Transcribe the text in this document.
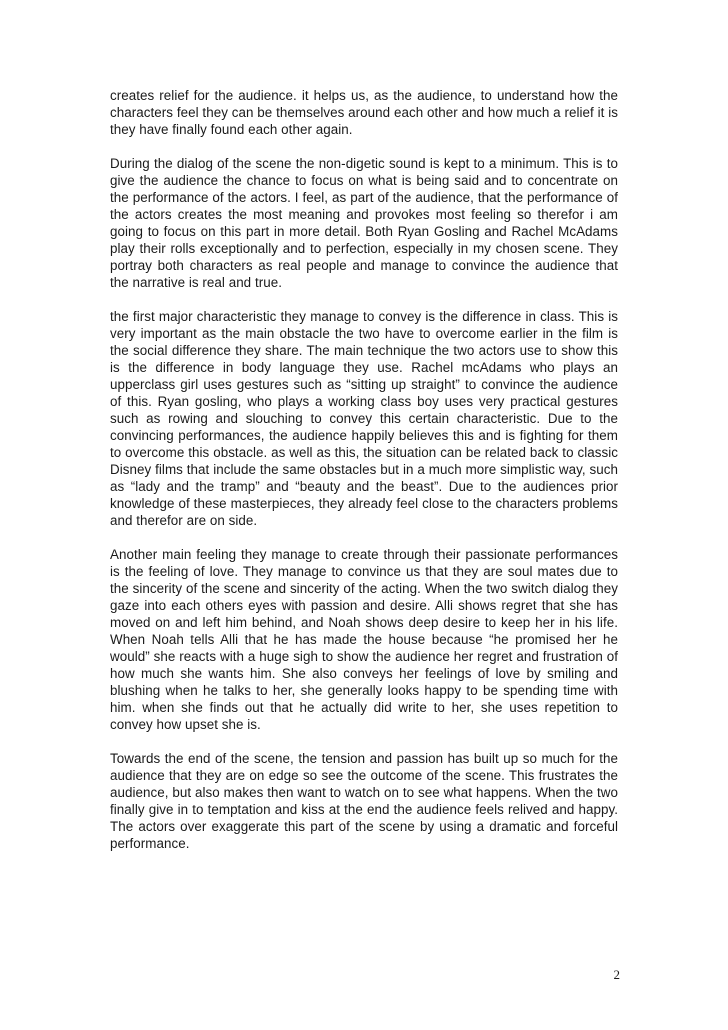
creates relief for the audience. it helps us, as the audience, to understand how the characters feel they can be themselves around each other and how much a relief it is they have finally found each other again.

During the dialog of the scene the non-digetic sound is kept to a minimum. This is to give the audience the chance to focus on what is being said and to concentrate on the performance of the actors. I feel, as part of the audience, that the performance of the actors creates the most meaning and provokes most feeling so therefor i am going to focus on this part in more detail. Both Ryan Gosling and Rachel McAdams play their rolls exceptionally and to perfection, especially in my chosen scene. They portray both characters as real people and manage to convince the audience that the narrative is real and true.

the first major characteristic they manage to convey is the difference in class. This is very important as the main obstacle the two have to overcome earlier in the film is the social difference they share. The main technique the two actors use to show this is the difference in body language they use. Rachel mcAdams who plays an upperclass girl uses gestures such as “sitting up straight” to convince the audience of this. Ryan gosling, who plays a working class boy uses very practical gestures such as rowing and slouching to convey this certain characteristic. Due to the convincing performances, the audience happily believes this and is fighting for them to overcome this obstacle. as well as this, the situation can be related back to classic Disney films that include the same obstacles but in a much more simplistic way, such as “lady and the tramp” and “beauty and the beast”. Due to the audiences prior knowledge of these masterpieces, they already feel close to the characters problems and therefor are on side.

Another main feeling they manage to create through their passionate performances is the feeling of love. They manage to convince us that they are soul mates due to the sincerity of the scene and sincerity of the acting. When the two switch dialog they gaze into each others eyes with passion and desire. Alli shows regret that she has moved on and left him behind, and Noah shows deep desire to keep her in his life. When Noah tells Alli that he has made the house because “he promised her he would” she reacts with a huge sigh to show the audience her regret and frustration of how much she wants him. She also conveys her feelings of love by smiling and blushing when he talks to her, she generally looks happy to be spending time with him. when she finds out that he actually did write to her, she uses repetition to convey how upset she is.

Towards the end of the scene, the tension and passion has built up so much for the audience that they are on edge so see the outcome of the scene. This frustrates the audience, but also makes then want to watch on to see what happens. When the two finally give in to temptation and kiss at the end the audience feels relived and happy. The actors over exaggerate this part of the scene by using a dramatic and forceful performance.

2
